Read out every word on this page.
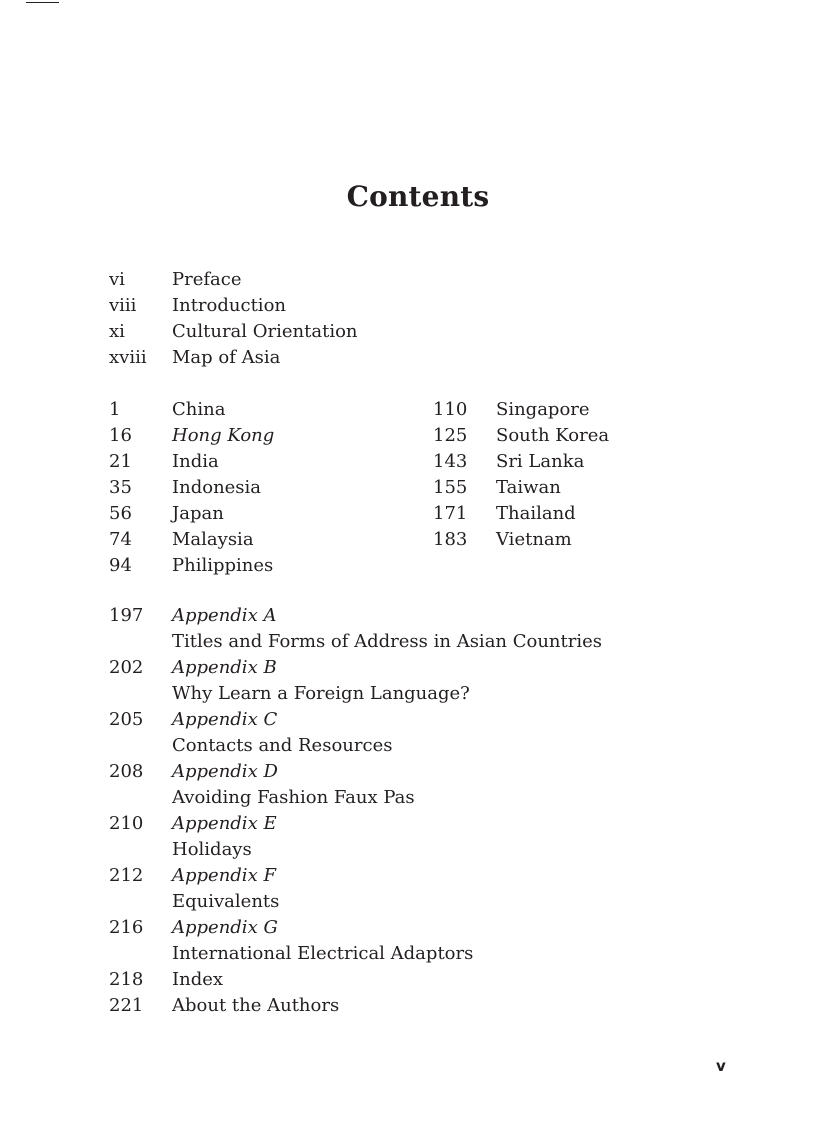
Contents
vi	Preface
viii	Introduction
xi	Cultural Orientation
xviii	Map of Asia
1	China
16	Hong Kong
21	India
35	Indonesia
56	Japan
74	Malaysia
94	Philippines
110	Singapore
125	South Korea
143	Sri Lanka
155	Taiwan
171	Thailand
183	Vietnam
197	Appendix A
Titles and Forms of Address in Asian Countries
202	Appendix B
Why Learn a Foreign Language?
205	Appendix C
Contacts and Resources
208	Appendix D
Avoiding Fashion Faux Pas
210	Appendix E
Holidays
212	Appendix F
Equivalents
216	Appendix G
International Electrical Adaptors
218	Index
221	About the Authors
v
